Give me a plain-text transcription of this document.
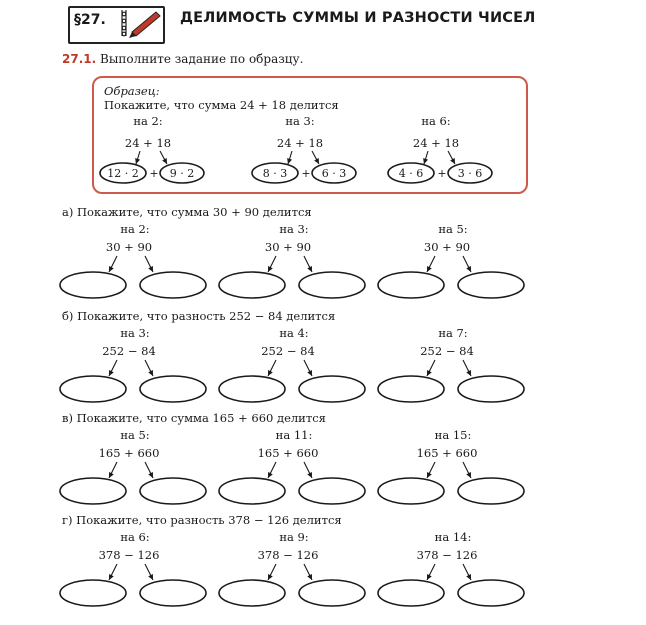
§27.	ДЕЛИМОСТЬ СУММЫ И РАЗНОСТИ ЧИСЕЛ
27.1. Выполните задание по образцу.
Образец:
Покажите, что сумма 24 + 18 делится
на 2:
24 + 18
12 · 2 + 9 · 2
на 3:
24 + 18
8 · 3 + 6 · 3
на 6:
24 + 18
4 · 6 + 3 · 6
а) Покажите, что сумма 30 + 90 делится
на 2:
30 + 90
на 3:
30 + 90
на 5:
30 + 90
б) Покажите, что разность 252 − 84 делится
на 3:
252 − 84
на 4:
252 − 84
на 7:
252 − 84
в) Покажите, что сумма 165 + 660 делится
на 5:
165 + 660
на 11:
165 + 660
на 15:
165 + 660
г) Покажите, что разность 378 − 126 делится
на 6:
378 − 126
на 9:
378 − 126
на 14:
378 − 126
